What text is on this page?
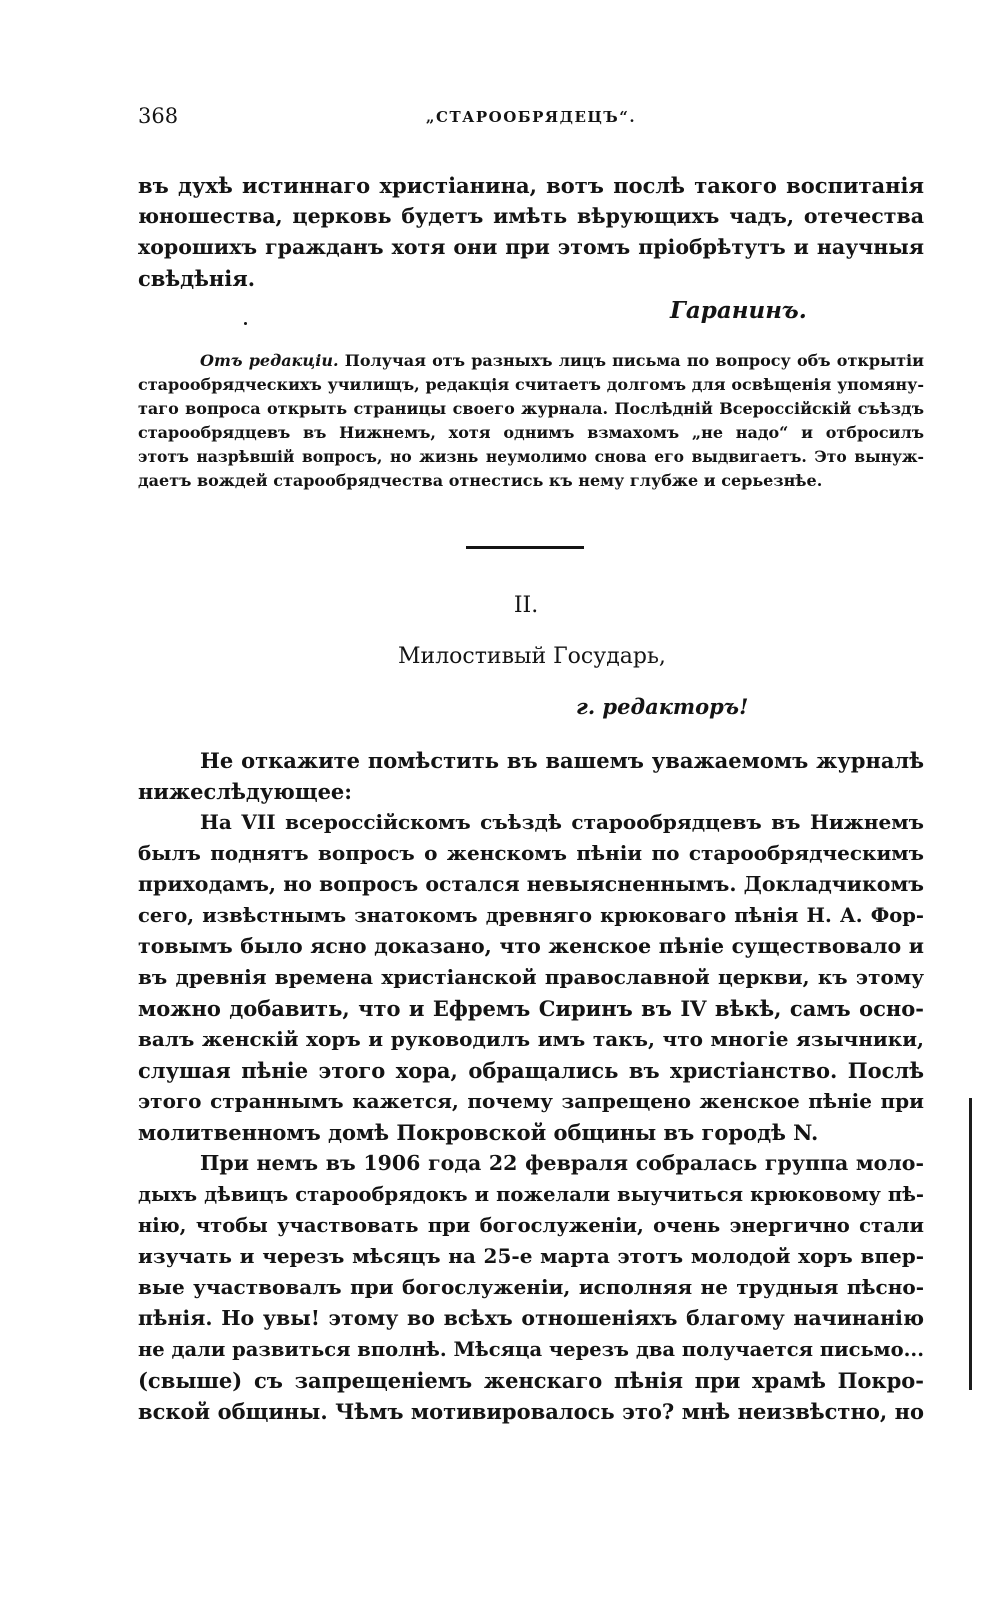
368	„СТАРООБРЯДЕЦЪ“.
въ духѣ истиннаго христіанина, вотъ послѣ такого воспитанія
юношества, церковь будетъ имѣть вѣрующихъ чадъ, отечества
хорошихъ гражданъ хотя они при этомъ пріобрѣтутъ и научныя
свѣдѣнія.
Гаранинъ.
Отъ редакціи. Получая отъ разныхъ лицъ письма по вопросу объ открытіи
старообрядческихъ училищъ, редакція считаетъ долгомъ для освѣщенія упомяну-
таго вопроса открыть страницы своего журнала. Послѣдній Всероссійскій съѣздъ
старообрядцевъ въ Нижнемъ, хотя однимъ взмахомъ „не надо“ и отбросилъ
этотъ назрѣвшій вопросъ, но жизнь неумолимо снова его выдвигаетъ. Это вынуж-
даетъ вождей старообрядчества отнестись къ нему глубже и серьезнѣе.
II.
Милостивый Государь,
г. редакторъ!
Не откажите помѣстить въ вашемъ уважаемомъ журналѣ
нижеслѣдующее:
На VII всероссійскомъ съѣздѣ старообрядцевъ въ Нижнемъ
былъ поднятъ вопросъ о женскомъ пѣніи по старообрядческимъ
приходамъ, но вопросъ остался невыясненнымъ. Докладчикомъ
сего, извѣстнымъ знатокомъ древняго крюковаго пѣнія Н. А. Фор-
товымъ было ясно доказано, что женское пѣніе существовало и
въ древнія времена христіанской православной церкви, къ этому
можно добавить, что и Ефремъ Сиринъ въ IV вѣкѣ, самъ осно-
валъ женскій хоръ и руководилъ имъ такъ, что многіе язычники,
слушая пѣніе этого хора, обращались въ христіанство. Послѣ
этого страннымъ кажется, почему запрещено женское пѣніе при
молитвенномъ домѣ Покровской общины въ городѣ N.
При немъ въ 1906 года 22 февраля собралась группа моло-
дыхъ дѣвицъ старообрядокъ и пожелали выучиться крюковому пѣ-
нію, чтобы участвовать при богослуженіи, очень энергично стали
изучать и черезъ мѣсяцъ на 25-е марта этотъ молодой хоръ впер-
вые участвовалъ при богослуженіи, исполняя не трудныя пѣсно-
пѣнія. Но увы! этому во всѣхъ отношеніяхъ благому начинанію
не дали развиться вполнѣ. Мѣсяца черезъ два получается письмо...
(свыше) съ запрещеніемъ женскаго пѣнія при храмѣ Покро-
вской общины. Чѣмъ мотивировалось это? мнѣ неизвѣстно, но
